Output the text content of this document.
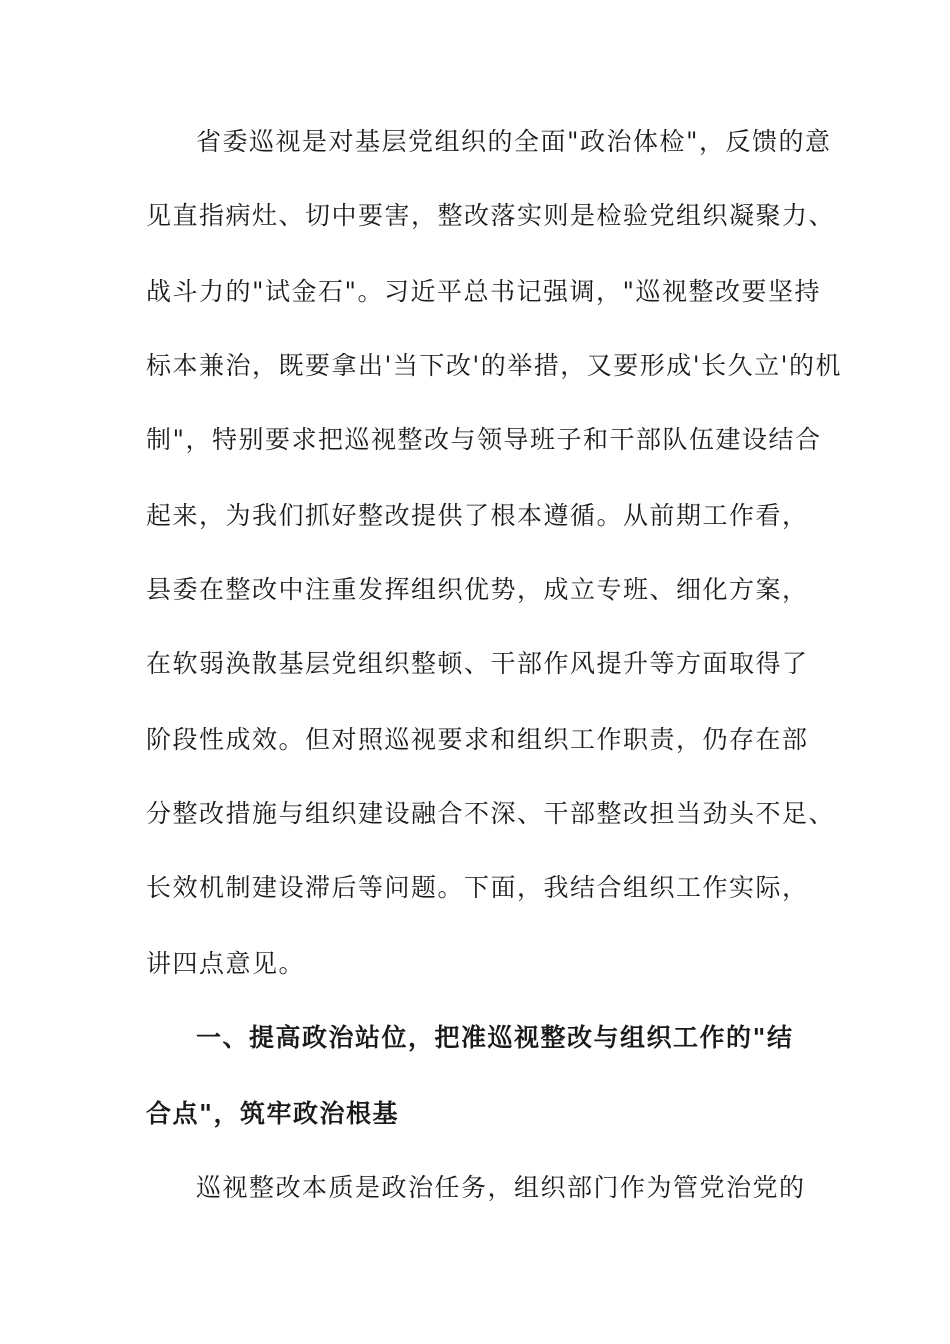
省委巡视是对基层党组织的全面"政治体检"，反馈的意
见直指病灶、切中要害，整改落实则是检验党组织凝聚力、
战斗力的"试金石"。习近平总书记强调，"巡视整改要坚持
标本兼治，既要拿出'当下改'的举措，又要形成'长久立'的机
制"，特别要求把巡视整改与领导班子和干部队伍建设结合
起来，为我们抓好整改提供了根本遵循。从前期工作看，
县委在整改中注重发挥组织优势，成立专班、细化方案，
在软弱涣散基层党组织整顿、干部作风提升等方面取得了
阶段性成效。但对照巡视要求和组织工作职责，仍存在部
分整改措施与组织建设融合不深、干部整改担当劲头不足、
长效机制建设滞后等问题。下面，我结合组织工作实际，
讲四点意见。
一、提高政治站位，把准巡视整改与组织工作的"结
合点"，筑牢政治根基
巡视整改本质是政治任务，组织部门作为管党治党的
